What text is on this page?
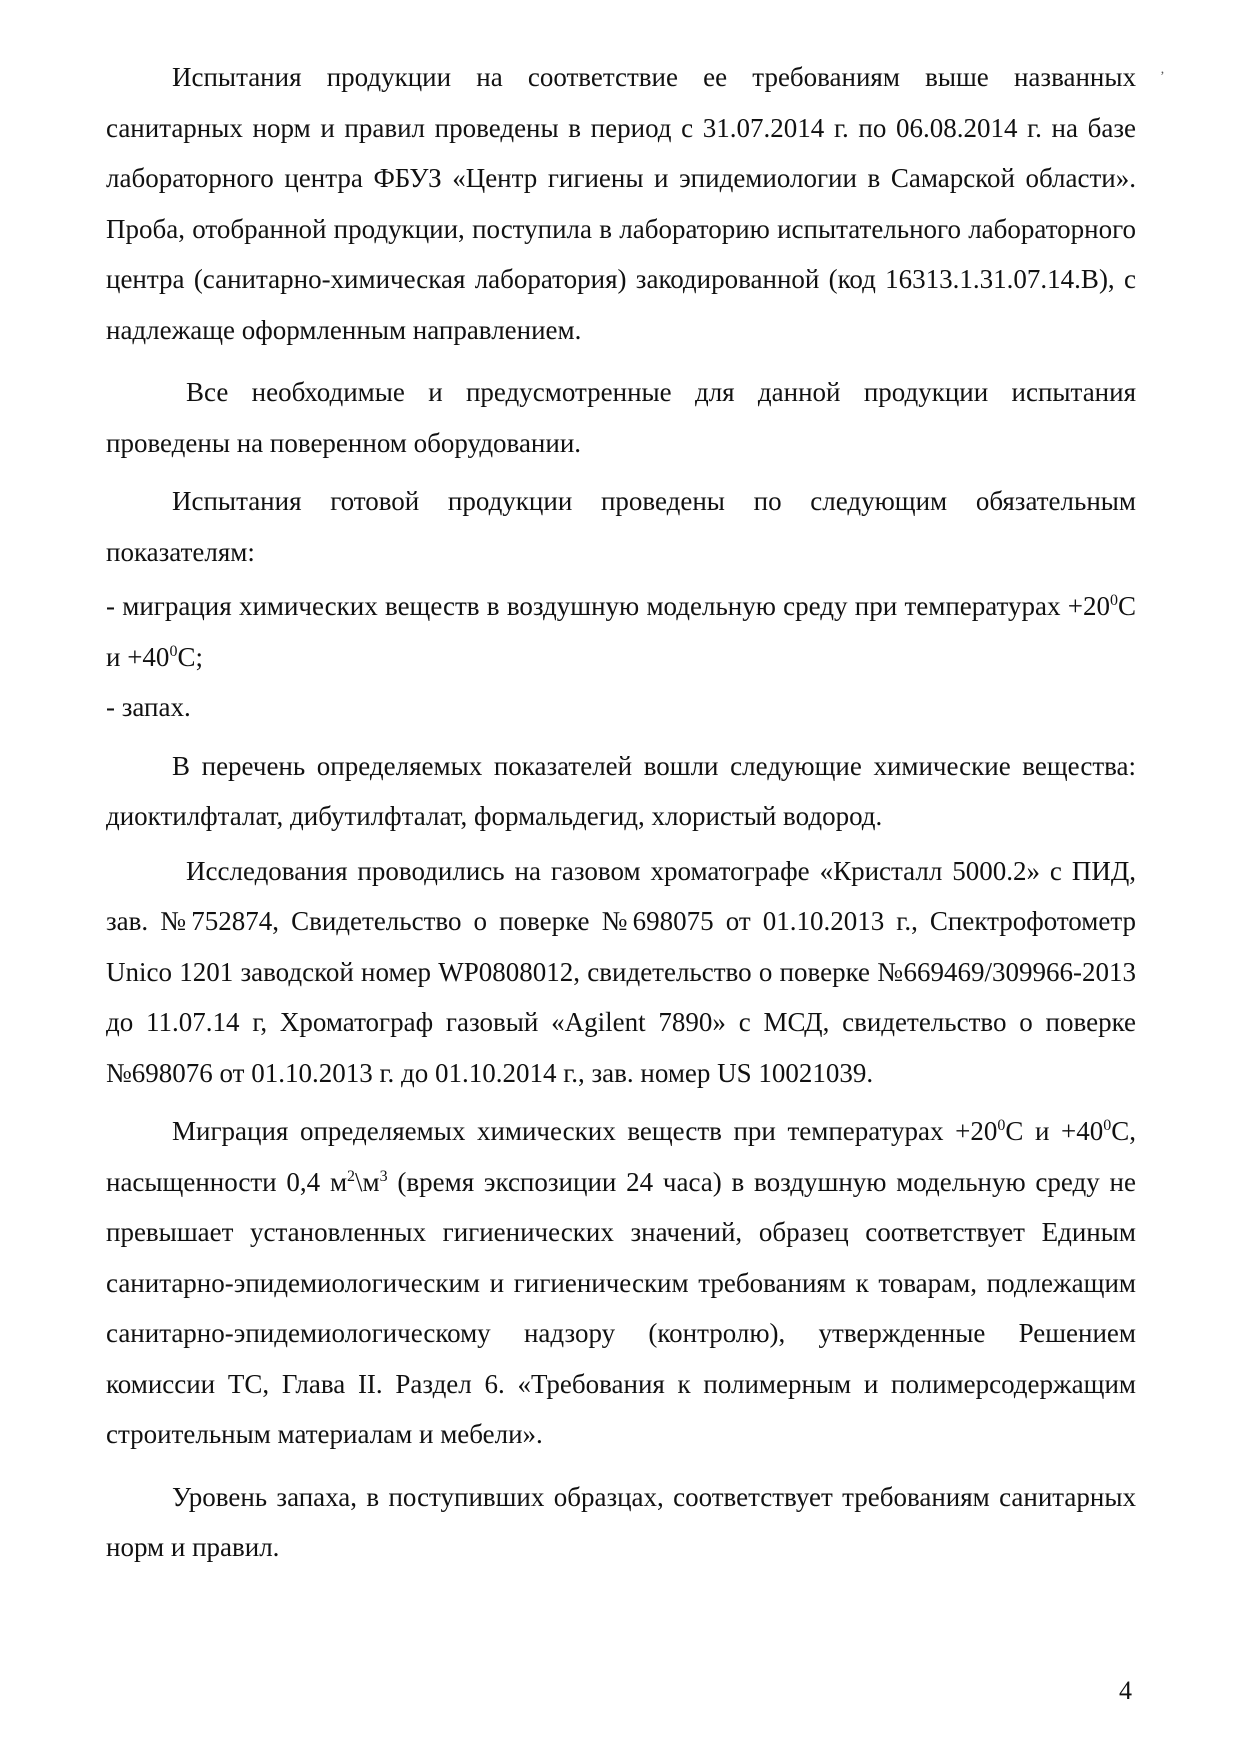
‚

Испытания продукции на соответствие ее требованиям выше названных санитарных норм и правил проведены в период с 31.07.2014 г. по 06.08.2014 г. на базе лабораторного центра ФБУЗ «Центр гигиены и эпидемиологии в Самарской области». Проба, отобранной продукции, поступила в лабораторию испытательного лабораторного центра (санитарно-химическая лаборатория) закодированной (код 16313.1.31.07.14.В), с надлежаще оформленным направлением.

Все необходимые и предусмотренные для данной продукции испытания проведены на поверенном оборудовании.

Испытания готовой продукции проведены по следующим обязательным показателям:

- миграция химических веществ в воздушную модельную среду при температурах $+20^0С$ $и +40^0С$;

- запах.

В перечень определяемых показателей вошли следующие химические вещества: диоктилфталат, дибутилфталат, формальдегид, хлористый водород.

Исследования проводились на газовом хроматографе «Кристалл 5000.2» с ПИД, зав. №752874, Свидетельство о поверке №698075 от 01.10.2013 г., Спектрофотометр Unico 1201 заводской номер WP0808012, свидетельство о поверке №669469/309966-2013 до 11.07.14 г, Хроматограф газовый «Agilent 7890» с МСД, свидетельство о поверке №698076 от 01.10.2013 г. до 01.10.2014 г., зав. номер US 10021039.

Миграция определяемых химических веществ при температурах $+20^0С$ $и +40^0С$, насыщенности 0,4 $м^2\backslash м^3$ (время экспозиции 24 часа) в воздушную модельную среду не превышает установленных гигиенических значений, образец соответствует Единым санитарно-эпидемиологическим и гигиеническим требованиям к товарам, подлежащим санитарно-эпидемиологическому надзору (контролю), утвержденные Решением комиссии ТС, Глава II. Раздел 6. «Требования к полимерным и полимерсодержащим строительным материалам и мебели».

Уровень запаха, в поступивших образцах, соответствует требованиям санитарных норм и правил.

4
